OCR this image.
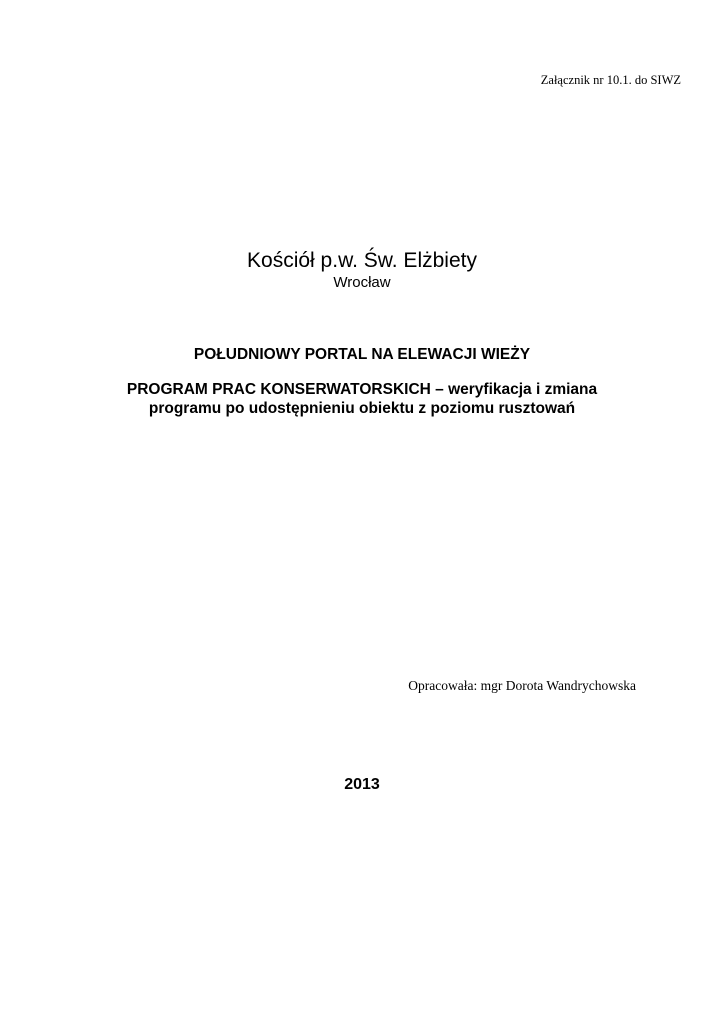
Załącznik nr 10.1. do SIWZ
Kościół p.w. Św. Elżbiety
Wrocław
POŁUDNIOWY PORTAL NA ELEWACJI WIEŻY
PROGRAM PRAC KONSERWATORSKICH – weryfikacja i zmiana
programu po udostępnieniu obiektu z poziomu rusztowań
Opracowała: mgr Dorota Wandrychowska
2013
